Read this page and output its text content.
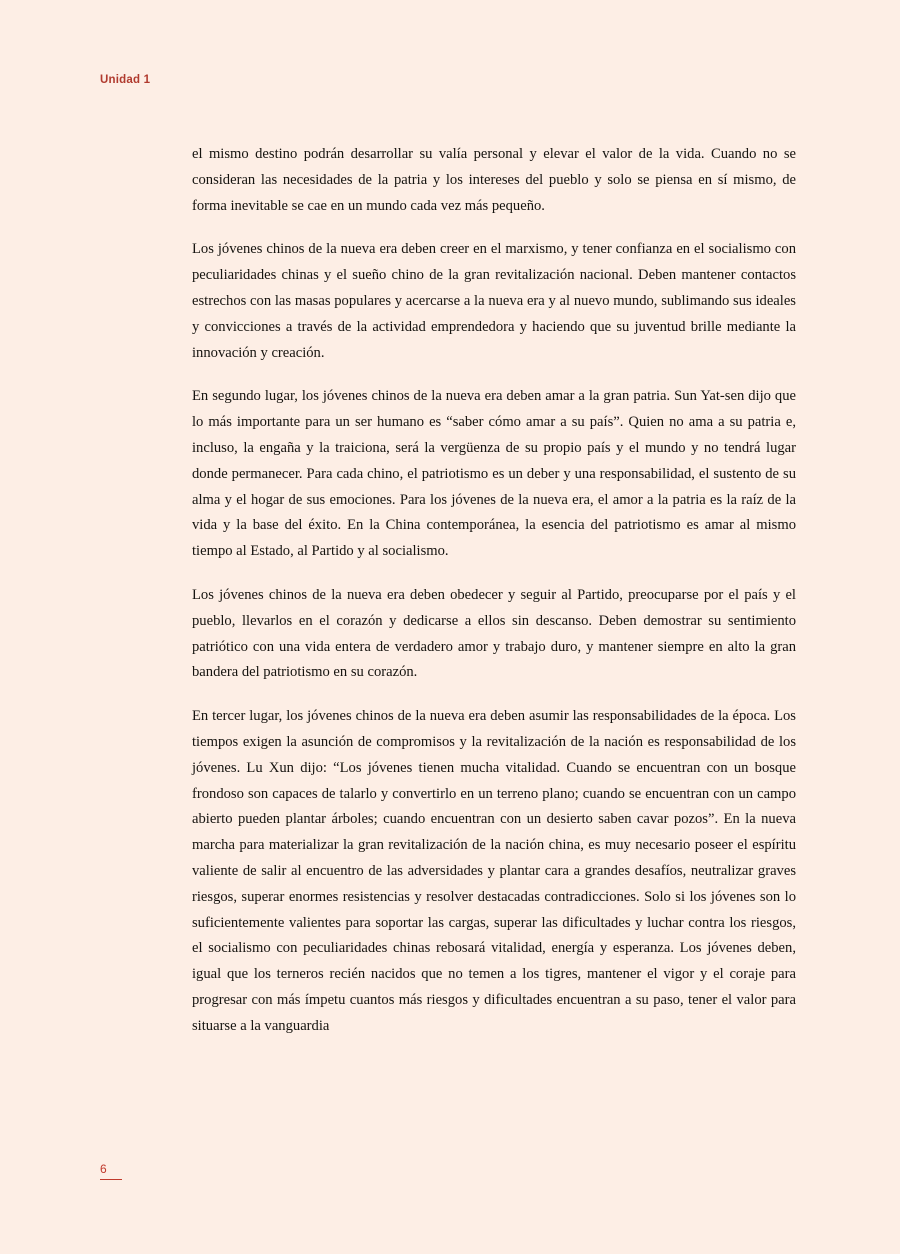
Unidad 1

el mismo destino podrán desarrollar su valía personal y elevar el valor de la vida. Cuando no se consideran las necesidades de la patria y los intereses del pueblo y solo se piensa en sí mismo, de forma inevitable se cae en un mundo cada vez más pequeño.

Los jóvenes chinos de la nueva era deben creer en el marxismo, y tener confianza en el socialismo con peculiaridades chinas y el sueño chino de la gran revitalización nacional. Deben mantener contactos estrechos con las masas populares y acercarse a la nueva era y al nuevo mundo, sublimando sus ideales y convicciones a través de la actividad emprendedora y haciendo que su juventud brille mediante la innovación y creación.

En segundo lugar, los jóvenes chinos de la nueva era deben amar a la gran patria. Sun Yat-sen dijo que lo más importante para un ser humano es “saber cómo amar a su país”. Quien no ama a su patria e, incluso, la engaña y la traiciona, será la vergüenza de su propio país y el mundo y no tendrá lugar donde permanecer. Para cada chino, el patriotismo es un deber y una responsabilidad, el sustento de su alma y el hogar de sus emociones. Para los jóvenes de la nueva era, el amor a la patria es la raíz de la vida y la base del éxito. En la China contemporánea, la esencia del patriotismo es amar al mismo tiempo al Estado, al Partido y al socialismo.

Los jóvenes chinos de la nueva era deben obedecer y seguir al Partido, preocuparse por el país y el pueblo, llevarlos en el corazón y dedicarse a ellos sin descanso. Deben demostrar su sentimiento patriótico con una vida entera de verdadero amor y trabajo duro, y mantener siempre en alto la gran bandera del patriotismo en su corazón.

En tercer lugar, los jóvenes chinos de la nueva era deben asumir las responsabilidades de la época. Los tiempos exigen la asunción de compromisos y la revitalización de la nación es responsabilidad de los jóvenes. Lu Xun dijo: “Los jóvenes tienen mucha vitalidad. Cuando se encuentran con un bosque frondoso son capaces de talarlo y convertirlo en un terreno plano; cuando se encuentran con un campo abierto pueden plantar árboles; cuando encuentran con un desierto saben cavar pozos”. En la nueva marcha para materializar la gran revitalización de la nación china, es muy necesario poseer el espíritu valiente de salir al encuentro de las adversidades y plantar cara a grandes desafíos, neutralizar graves riesgos, superar enormes resistencias y resolver destacadas contradicciones. Solo si los jóvenes son lo suficientemente valientes para soportar las cargas, superar las dificultades y luchar contra los riesgos, el socialismo con peculiaridades chinas rebosará vitalidad, energía y esperanza. Los jóvenes deben, igual que los terneros recién nacidos que no temen a los tigres, mantener el vigor y el coraje para progresar con más ímpetu cuantos más riesgos y dificultades encuentran a su paso, tener el valor para situarse a la vanguardia

6
